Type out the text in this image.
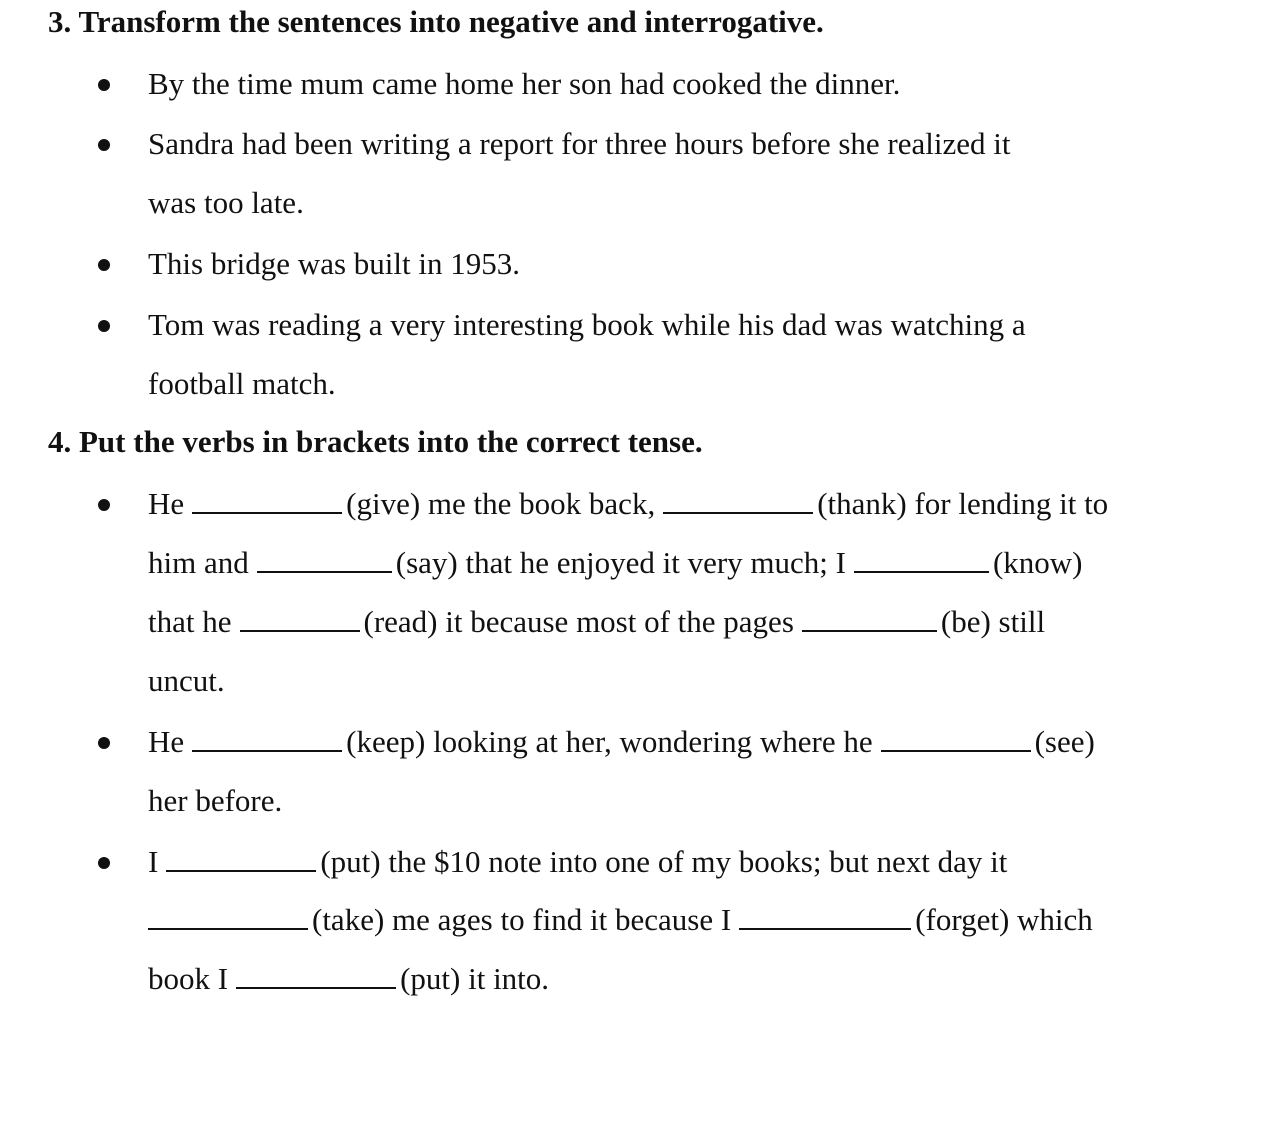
3. Transform the sentences into negative and interrogative.
By the time mum came home her son had cooked the dinner.
Sandra had been writing a report for three hours before she realized it
was too late.
This bridge was built in 1953.
Tom was reading a very interesting book while his dad was watching a
football match.
4. Put the verbs in brackets into the correct tense.
He	(give) me the book back,	(thank) for lending it to
him and	(say) that he enjoyed it very much; I	(know)
that he	(read) it because most of the pages	(be) still
uncut.
He	(keep) looking at her, wondering where he	(see)
her before.
I	(put) the $10 note into one of my books; but next day it
(take) me ages to find it because I	(forget) which
book I	(put) it into.
